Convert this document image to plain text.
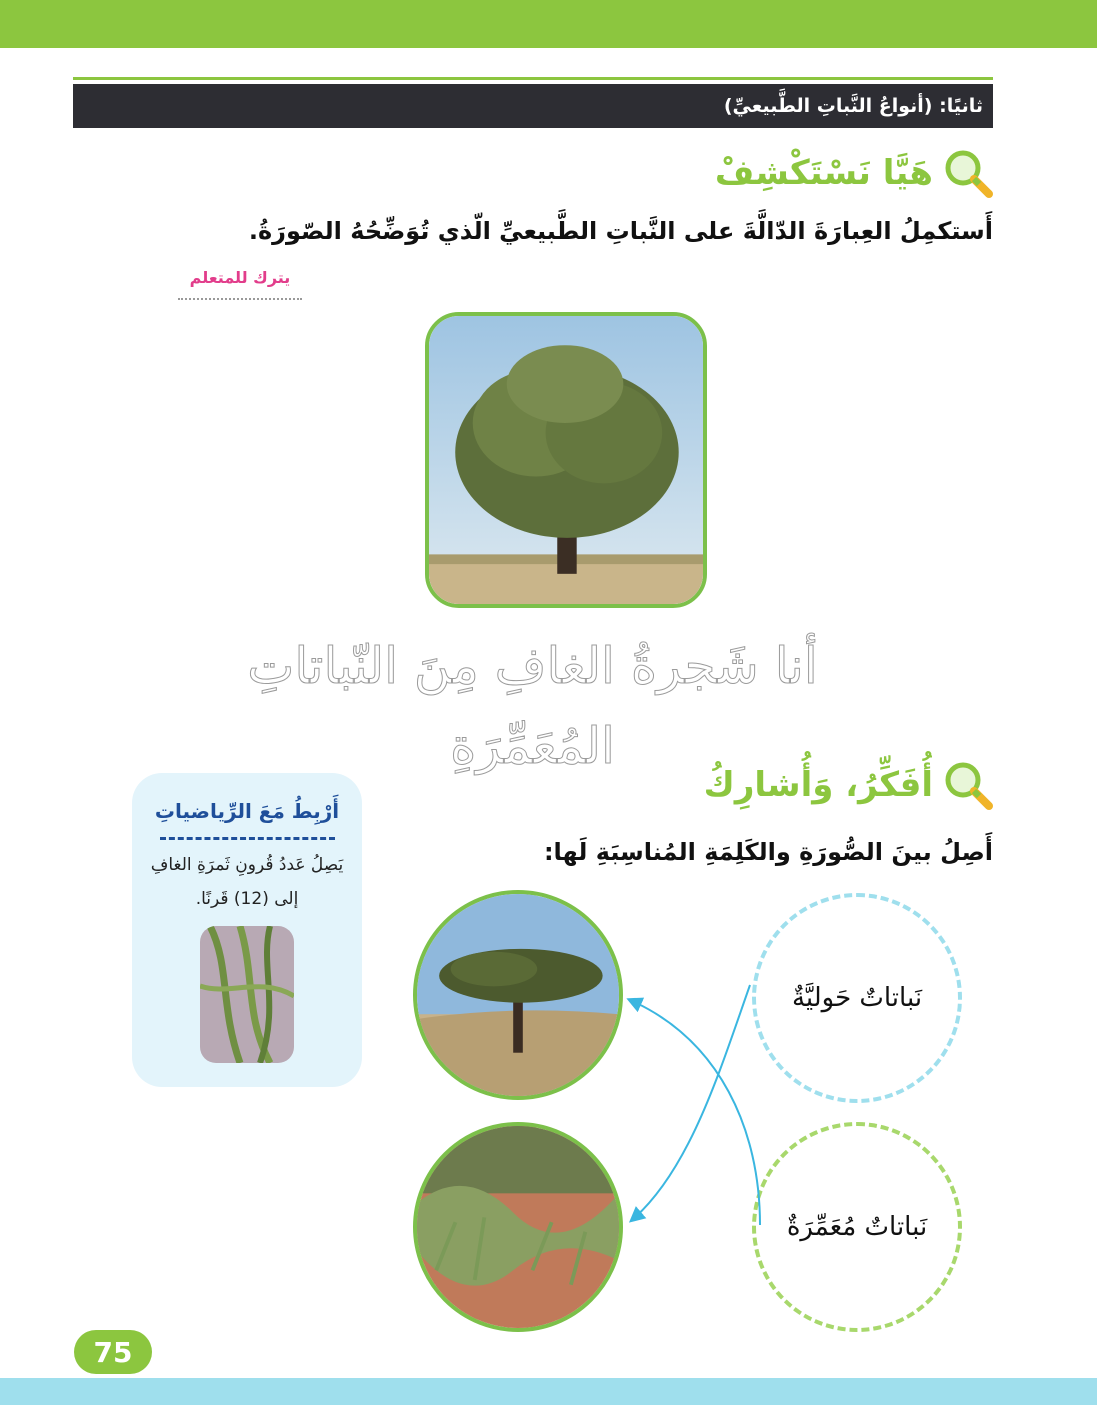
ثانيًا: (أنواعُ النَّباتِ الطَّبيعيِّ)
هَيَّا نَسْتَكْشِفْ
أَستكمِلُ العِبارَةَ الدّالَّةَ على النَّباتِ الطَّبيعيِّ الّذي تُوَضِّحُهُ الصّورَةُ.
يترك للمتعلم
أنا شَجرةُ الغافِ مِنَ النّباتاتِ المُعَمِّرَةِ
أُفَكِّرُ، وَأُشارِكُ
أَصِلُ بينَ الصُّورَةِ والكَلِمَةِ المُناسِبَةِ لَها:
أَرْبِطُ مَعَ الرِّياضياتِ
يَصِلُ عَددُ قُرونِ ثَمرَةِ الغافِ إلى (12) قَرنًا.
نَباتاتٌ حَوليَّةٌ
نَباتاتٌ مُعَمِّرَةٌ
75
